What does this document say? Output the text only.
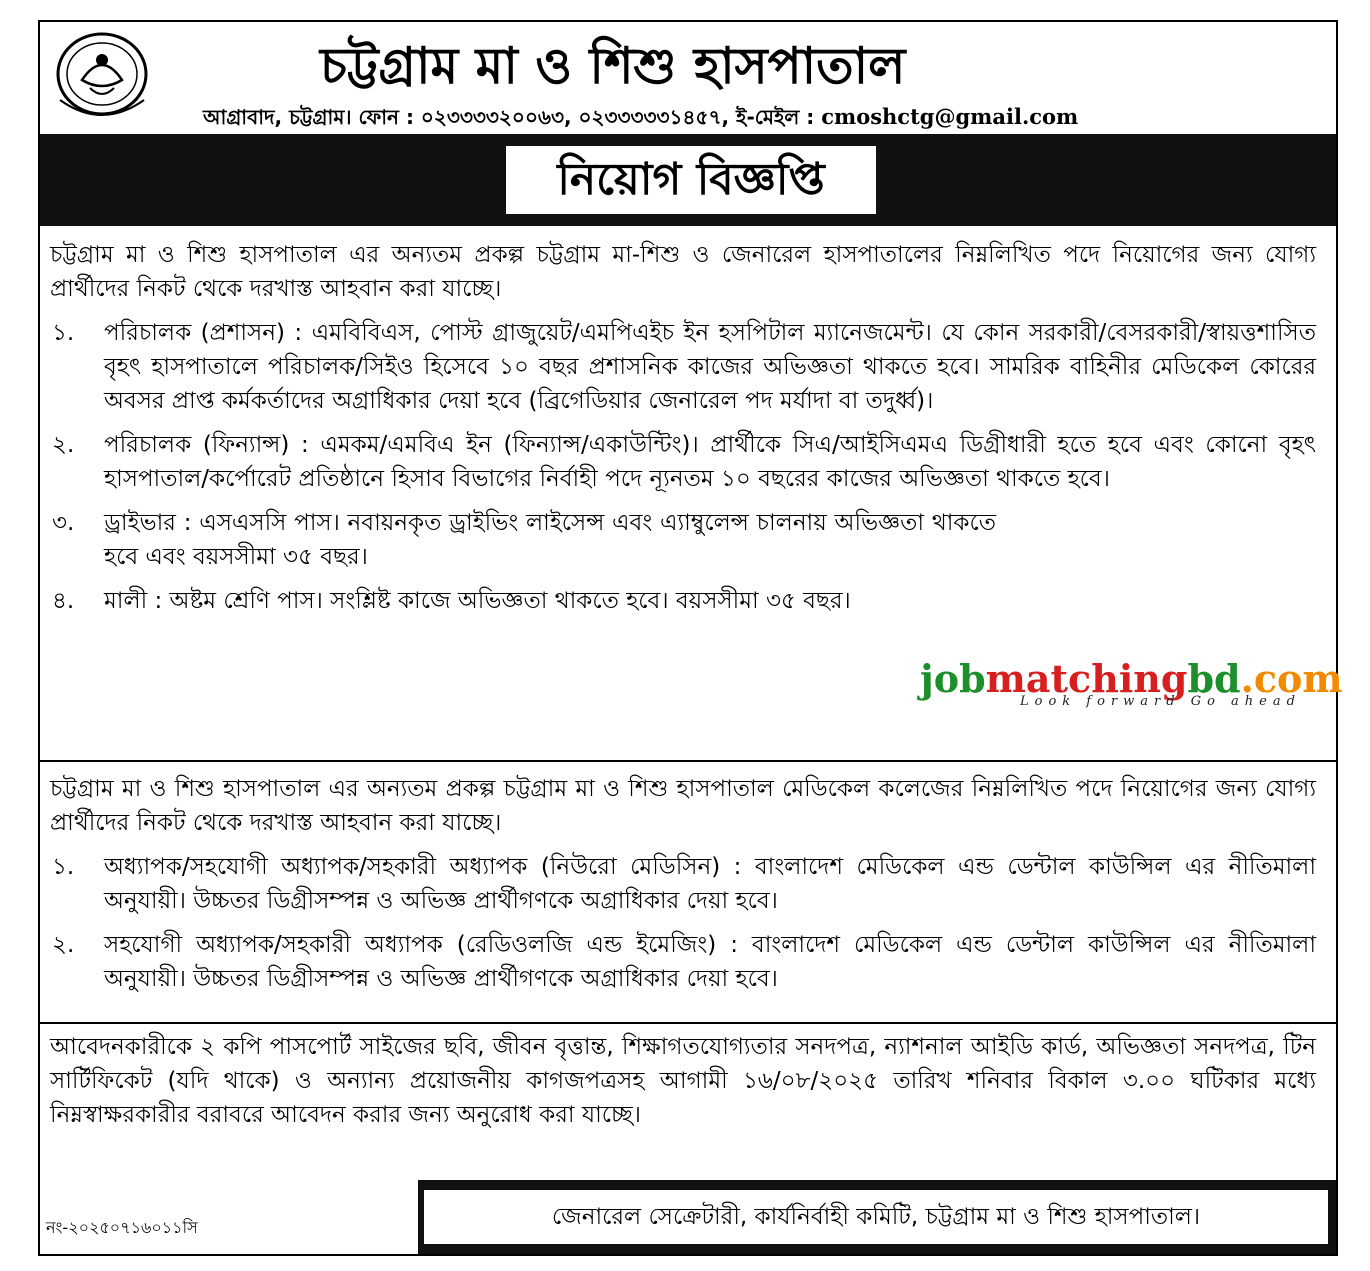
চট্টগ্রাম মা ও শিশু হাসপাতাল
আগ্রাবাদ, চট্টগ্রাম। ফোন : ০২৩৩৩৩২০০৬৩, ০২৩৩৩৩৩১৪৫৭, ই-মেইল : cmoshctg@gmail.com
নিয়োগ বিজ্ঞপ্তি

চট্টগ্রাম মা ও শিশু হাসপাতাল এর অন্যতম প্রকল্প চট্টগ্রাম মা-শিশু ও জেনারেল হাসপাতালের নিম্নলিখিত পদে নিয়োগের জন্য যোগ্য প্রার্থীদের নিকট থেকে দরখাস্ত আহবান করা যাচ্ছে।

১. পরিচালক (প্রশাসন) : এমবিবিএস, পোস্ট গ্রাজুয়েট/এমপিএইচ ইন হসপিটাল ম্যানেজমেন্ট। যে কোন সরকারী/বেসরকারী/স্বায়ত্তশাসিত বৃহৎ হাসপাতালে পরিচালক/সিইও হিসেবে ১০ বছর প্রশাসনিক কাজের অভিজ্ঞতা থাকতে হবে। সামরিক বাহিনীর মেডিকেল কোরের অবসর প্রাপ্ত কর্মকর্তাদের অগ্রাধিকার দেয়া হবে (ব্রিগেডিয়ার জেনারেল পদ মর্যাদা বা তদুর্ধ্ব)।

২. পরিচালক (ফিন্যান্স) : এমকম/এমবিএ ইন (ফিন্যান্স/একাউন্টিং)। প্রার্থীকে সিএ/আইসিএমএ ডিগ্রীধারী হতে হবে এবং কোনো বৃহৎ হাসপাতাল/কর্পোরেট প্রতিষ্ঠানে হিসাব বিভাগের নির্বাহী পদে ন্যূনতম ১০ বছরের কাজের অভিজ্ঞতা থাকতে হবে।

৩. ড্রাইভার : এসএসসি পাস। নবায়নকৃত ড্রাইভিং লাইসেন্স এবং এ্যাম্বুলেন্স চালনায় অভিজ্ঞতা থাকতে হবে এবং বয়সসীমা ৩৫ বছর।

৪. মালী : অষ্টম শ্রেণি পাস। সংশ্লিষ্ট কাজে অভিজ্ঞতা থাকতে হবে। বয়সসীমা ৩৫ বছর।

চট্টগ্রাম মা ও শিশু হাসপাতাল এর অন্যতম প্রকল্প চট্টগ্রাম মা ও শিশু হাসপাতাল মেডিকেল কলেজের নিম্নলিখিত পদে নিয়োগের জন্য যোগ্য প্রার্থীদের নিকট থেকে দরখাস্ত আহবান করা যাচ্ছে।

১. অধ্যাপক/সহযোগী অধ্যাপক/সহকারী অধ্যাপক (নিউরো মেডিসিন) : বাংলাদেশ মেডিকেল এন্ড ডেন্টাল কাউন্সিল এর নীতিমালা অনুযায়ী। উচ্চতর ডিগ্রীসম্পন্ন ও অভিজ্ঞ প্রার্থীগণকে অগ্রাধিকার দেয়া হবে।

২. সহযোগী অধ্যাপক/সহকারী অধ্যাপক (রেডিওলজি এন্ড ইমেজিং) : বাংলাদেশ মেডিকেল এন্ড ডেন্টাল কাউন্সিল এর নীতিমালা অনুযায়ী। উচ্চতর ডিগ্রীসম্পন্ন ও অভিজ্ঞ প্রার্থীগণকে অগ্রাধিকার দেয়া হবে।

আবেদনকারীকে ২ কপি পাসপোর্ট সাইজের ছবি, জীবন বৃত্তান্ত, শিক্ষাগতযোগ্যতার সনদপত্র, ন্যাশনাল আইডি কার্ড, অভিজ্ঞতা সনদপত্র, টিন সার্টিফিকেট (যদি থাকে) ও অন্যান্য প্রয়োজনীয় কাগজপত্রসহ আগামী ১৬/০৮/২০২৫ তারিখ শনিবার বিকাল ৩.০০ ঘটিকার মধ্যে নিম্নস্বাক্ষরকারীর বরাবরে আবেদন করার জন্য অনুরোধ করা যাচ্ছে।

জেনারেল সেক্রেটারী, কার্যনির্বাহী কমিটি, চট্টগ্রাম মা ও শিশু হাসপাতাল।
নং-২০২৫০৭১৬০১১সি
jobmatchingbd.com
Look forward Go ahead
